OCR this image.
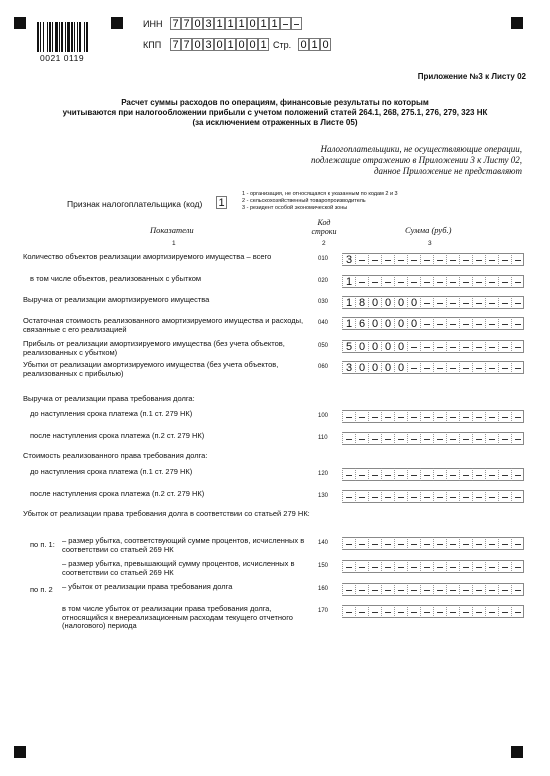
0021 0119
ИНН 7 7 0 3 1 1 1 0 1 1
КПП 7 7 0 3 0 1 0 0 1 Стр. 0 1 0
Приложение №3 к Листу 02
Расчет суммы расходов по операциям, финансовые результаты по которым
учитываются при налогообложении прибыли с учетом положений статей 264.1, 268, 275.1, 276, 279, 323 НК
(за исключением отраженных в Листе 05)
Налогоплательщики, не осуществляющие операции,
подлежащие отражению в Приложении 3 к Листу 02,
данное Приложение не представляют
Признак налогоплательщика (код) 1
1 - организация, не относящаяся к указанным по кодам 2 и 3
2 - сельскохозяйственный товаропроизводитель
3 - резидент особой экономической зоны
Показатели
Код
строки	Сумма (руб.)
1	2	3
Выручка от реализации права требования долга:
Стоимость реализованного права требования долга:
Убыток от реализации права требования долга в соответствии со статьей 279 НК:
по п. 1:
по п. 2
Количество объектов реализации амортизируемого имущества – всего	010	3
в том числе объектов, реализованных с убытком	020	1
Выручка от реализации амортизируемого имущества	030	1 8 0 0 0 0
Остаточная стоимость реализованного амортизируемого имущества и расходы, связанные с его реализацией
040	1 6 0 0 0 0
Прибыль от реализации амортизируемого имущества (без учета объектов, реализованных с убытком)
050	5 0 0 0 0
Убытки от реализации амортизируемого имущества (без учета объектов, реализованных с прибылью)
060	3 0 0 0 0
до наступления срока платежа (п.1 ст. 279 НК)	100
после наступления срока платежа (п.2 ст. 279 НК)	110
до наступления срока платежа (п.1 ст. 279 НК)	120
после наступления срока платежа (п.2 ст. 279 НК)	130
– размер убытка, соответствующий сумме процентов, исчисленных в соответствии со статьей 269 НК
140
– размер убытка, превышающий сумму процентов, исчисленных в соответствии со статьей 269 НК
150
– убыток от реализации права требования долга	160
в том числе убыток от реализации права требования долга, относящийся к внереализационным расходам текущего отчетного (налогового) периода
170
